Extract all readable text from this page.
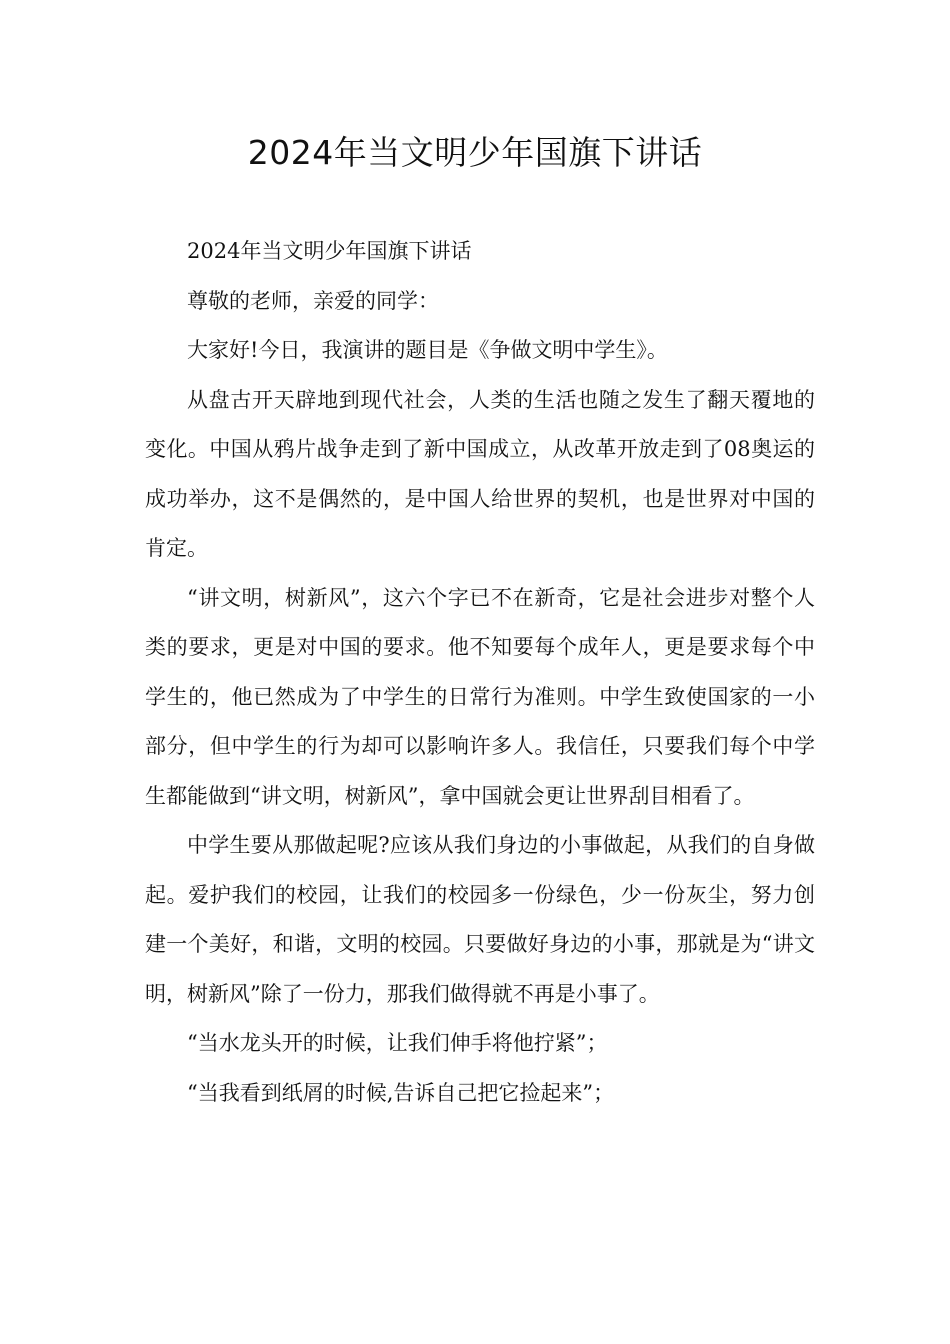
2024年当文明少年国旗下讲话

2024年当文明少年国旗下讲话

尊敬的老师，亲爱的同学：

大家好!今日，我演讲的题目是《争做文明中学生》。

从盘古开天辟地到现代社会，人类的生活也随之发生了翻天覆地的变化。中国从鸦片战争走到了新中国成立，从改革开放走到了08奥运的成功举办，这不是偶然的，是中国人给世界的契机，也是世界对中国的肯定。

“讲文明，树新风”，这六个字已不在新奇，它是社会进步对整个人类的要求，更是对中国的要求。他不知要每个成年人，更是要求每个中学生的，他已然成为了中学生的日常行为准则。中学生致使国家的一小部分，但中学生的行为却可以影响许多人。我信任，只要我们每个中学生都能做到“讲文明，树新风”，拿中国就会更让世界刮目相看了。

中学生要从那做起呢?应该从我们身边的小事做起，从我们的自身做起。爱护我们的校园，让我们的校园多一份绿色，少一份灰尘，努力创建一个美好，和谐，文明的校园。只要做好身边的小事，那就是为“讲文明，树新风”除了一份力，那我们做得就不再是小事了。

“当水龙头开的时候，让我们伸手将他拧紧”；

“当我看到纸屑的时候,告诉自己把它捡起来”；
